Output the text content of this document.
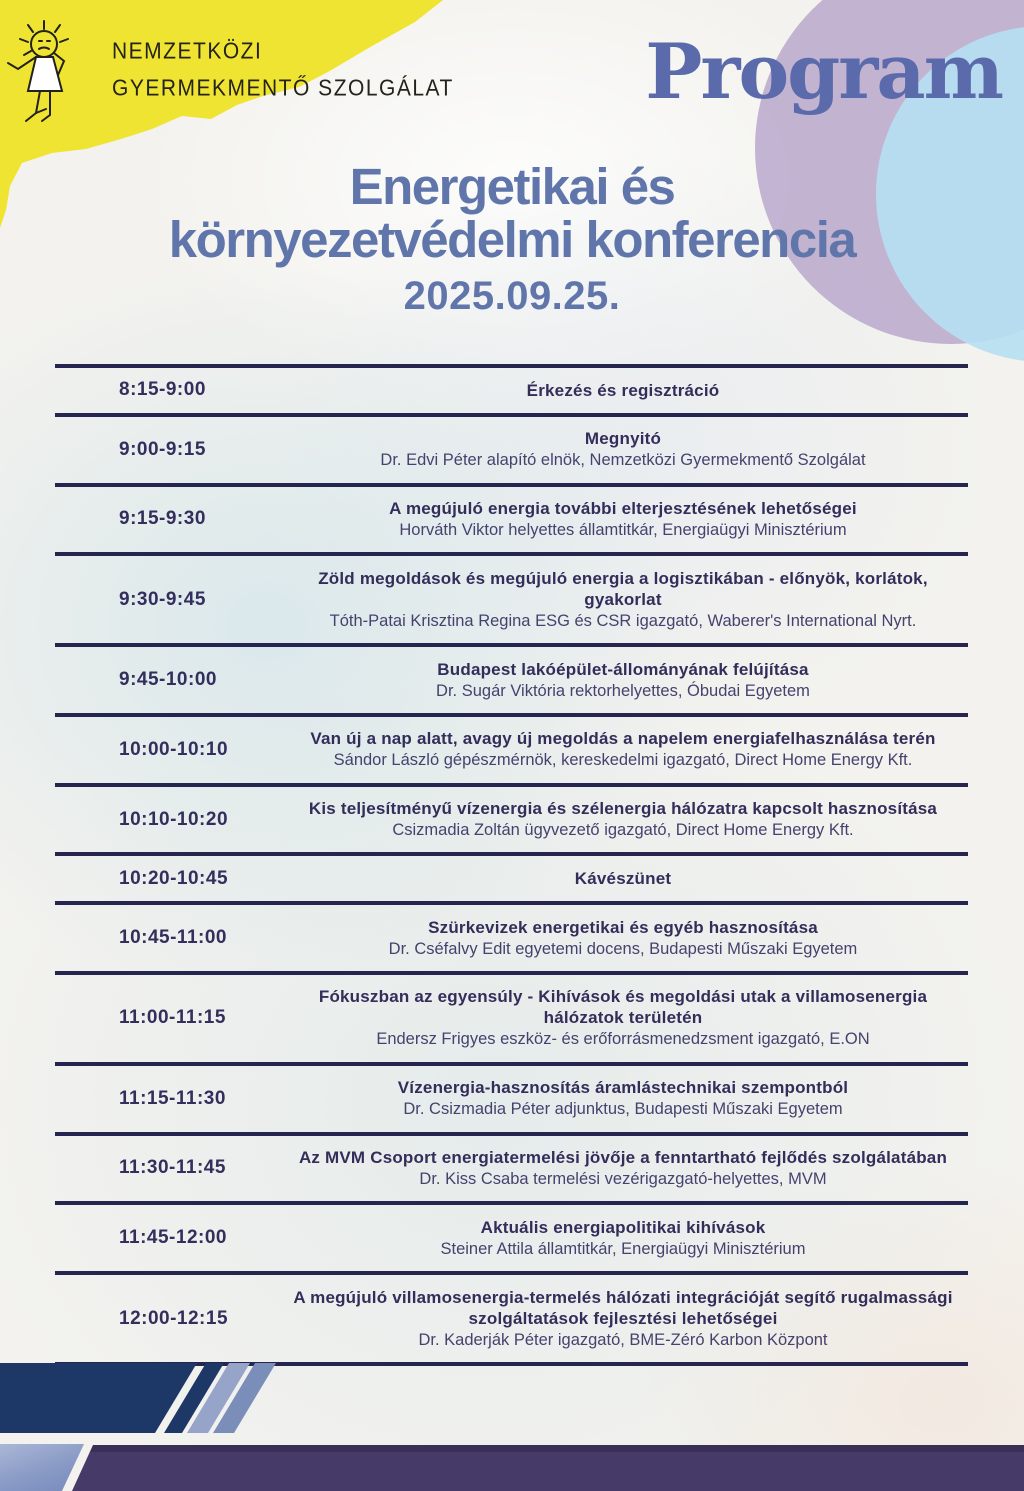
NEMZETKÖZI
GYERMEKMENTŐ SZOLGÁLAT	Program
Energetikai és
környezetvédelmi konferencia
2025.09.25.
8:15-9:00	Érkezés és regisztráció
9:00-9:15	Megnyitó
Dr. Edvi Péter alapító elnök, Nemzetközi Gyermekmentő Szolgálat
9:15-9:30	A megújuló energia további elterjesztésének lehetőségei
Horváth Viktor helyettes államtitkár, Energiaügyi Minisztérium
9:30-9:45
Zöld megoldások és megújuló energia a logisztikában - előnyök, korlátok, gyakorlat
Tóth-Patai Krisztina Regina ESG és CSR igazgató, Waberer's International Nyrt.
9:45-10:00	Budapest lakóépület-állományának felújítása
Dr. Sugár Viktória rektorhelyettes, Óbudai Egyetem
10:00-10:10	Van új a nap alatt, avagy új megoldás a napelem energiafelhasználása terén
Sándor László gépészmérnök, kereskedelmi igazgató, Direct Home Energy Kft.
10:10-10:20	Kis teljesítményű vízenergia és szélenergia hálózatra kapcsolt hasznosítása
Csizmadia Zoltán ügyvezető igazgató, Direct Home Energy Kft.
10:20-10:45	Kávészünet
10:45-11:00	Szürkevizek energetikai és egyéb hasznosítása
Dr. Cséfalvy Edit egyetemi docens, Budapesti Műszaki Egyetem
11:00-11:15
Fókuszban az egyensúly - Kihívások és megoldási utak a villamosenergia hálózatok területén
Endersz Frigyes eszköz- és erőforrásmenedzsment igazgató, E.ON
11:15-11:30	Vízenergia-hasznosítás áramlástechnikai szempontból
Dr. Csizmadia Péter adjunktus, Budapesti Műszaki Egyetem
11:30-11:45	Az MVM Csoport energiatermelési jövője a fenntartható fejlődés szolgálatában
Dr. Kiss Csaba termelési vezérigazgató-helyettes, MVM
11:45-12:00	Aktuális energiapolitikai kihívások
Steiner Attila államtitkár, Energiaügyi Minisztérium
12:00-12:15
A megújuló villamosenergia-termelés hálózati integrációját segítő rugalmassági szolgáltatások fejlesztési lehetőségei
Dr. Kaderják Péter igazgató, BME-Zéró Karbon Központ
